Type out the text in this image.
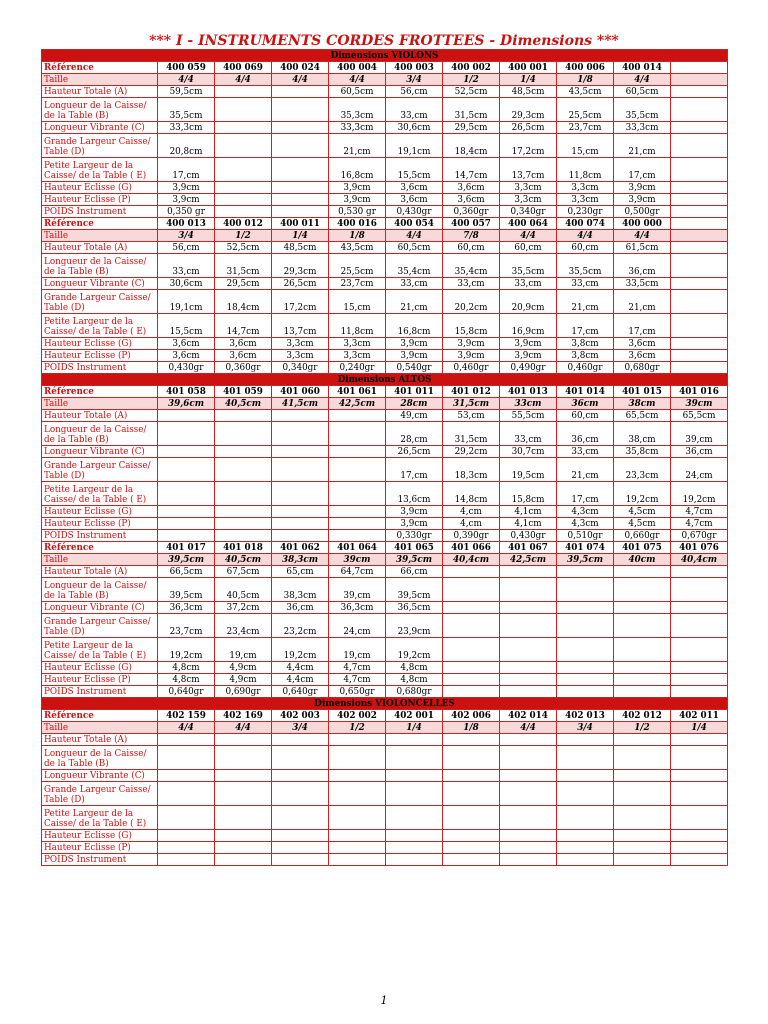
*** I - INSTRUMENTS CORDES FROTTEES - Dimensions ***
Dimensions VIOLONS										
Référence	400 059	400 069	400 024	400 004	400 003	400 002	400 001	400 006	400 014	
Taille	4/4	4/4	4/4	4/4	3/4	1/2	1/4	1/8	4/4	
Hauteur Totale (A)	59,5cm			60,5cm	56,cm	52,5cm	48,5cm	43,5cm	60,5cm	
Longueur de la Caisse/ de la Table (B)	35,5cm			35,3cm	33,cm	31,5cm	29,3cm	25,5cm	35,5cm	
Longueur Vibrante (C)	33,3cm			33,3cm	30,6cm	29,5cm	26,5cm	23,7cm	33,3cm	
Grande Largeur Caisse/ Table (D)	20,8cm			21,cm	19,1cm	18,4cm	17,2cm	15,cm	21,cm	
Petite Largeur de la Caisse/ de la Table ( E)	17,cm			16,8cm	15,5cm	14,7cm	13,7cm	11,8cm	17,cm	
Hauteur Eclisse (G)	3,9cm			3,9cm	3,6cm	3,6cm	3,3cm	3,3cm	3,9cm	
Hauteur Eclisse (P)	3,9cm			3,9cm	3,6cm	3,6cm	3,3cm	3,3cm	3,9cm	
POIDS Instrument	0,350 gr			0,530 gr	0,430gr	0,360gr	0,340gr	0,230gr	0,500gr	
Référence	400 013	400 012	400 011	400 016	400 054	400 057	400 064	400 074	400 000	
Taille	3/4	1/2	1/4	1/8	4/4	7/8	4/4	4/4	4/4	
Hauteur Totale (A)	56,cm	52,5cm	48,5cm	43,5cm	60,5cm	60,cm	60,cm	60,cm	61,5cm	
Longueur de la Caisse/ de la Table (B)	33,cm	31,5cm	29,3cm	25,5cm	35,4cm	35,4cm	35,5cm	35,5cm	36,cm	
Longueur Vibrante (C)	30,6cm	29,5cm	26,5cm	23,7cm	33,cm	33,cm	33,cm	33,cm	33,5cm	
Grande Largeur Caisse/ Table (D)	19,1cm	18,4cm	17,2cm	15,cm	21,cm	20,2cm	20,9cm	21,cm	21,cm	
Petite Largeur de la Caisse/ de la Table ( E)	15,5cm	14,7cm	13,7cm	11,8cm	16,8cm	15,8cm	16,9cm	17,cm	17,cm	
Hauteur Eclisse (G)	3,6cm	3,6cm	3,3cm	3,3cm	3,9cm	3,9cm	3,9cm	3,8cm	3,6cm	
Hauteur Eclisse (P)	3,6cm	3,6cm	3,3cm	3,3cm	3,9cm	3,9cm	3,9cm	3,8cm	3,6cm	
POIDS Instrument	0,430gr	0,360gr	0,340gr	0,240gr	0,540gr	0,460gr	0,490gr	0,460gr	0,680gr	
Dimensions ALTOS										
Référence	401 058	401 059	401 060	401 061	401 011	401 012	401 013	401 014	401 015	401 016
Taille	39,6cm	40,5cm	41,5cm	42,5cm	28cm	31,5cm	33cm	36cm	38cm	39cm
Hauteur Totale (A)					49,cm	53,cm	55,5cm	60,cm	65,5cm	65,5cm
Longueur de la Caisse/ de la Table (B)					28,cm	31,5cm	33,cm	36,cm	38,cm	39,cm
Longueur Vibrante (C)					26,5cm	29,2cm	30,7cm	33,cm	35,8cm	36,cm
Grande Largeur Caisse/ Table (D)					17,cm	18,3cm	19,5cm	21,cm	23,3cm	24,cm
Petite Largeur de la Caisse/ de la Table ( E)					13,6cm	14,8cm	15,8cm	17,cm	19,2cm	19,2cm
Hauteur Eclisse (G)					3,9cm	4,cm	4,1cm	4,3cm	4,5cm	4,7cm
Hauteur Eclisse (P)					3,9cm	4,cm	4,1cm	4,3cm	4,5cm	4,7cm
POIDS Instrument					0,330gr	0,390gr	0,430gr	0,510gr	0,660gr	0,670gr
Référence	401 017	401 018	401 062	401 064	401 065	401 066	401 067	401 074	401 075	401 076
Taille	39,5cm	40,5cm	38,3cm	39cm	39,5cm	40,4cm	42,5cm	39,5cm	40cm	40,4cm
Hauteur Totale (A)	66,5cm	67,5cm	65,cm	64,7cm	66,cm					
Longueur de la Caisse/ de la Table (B)	39,5cm	40,5cm	38,3cm	39,cm	39,5cm					
Longueur Vibrante (C)	36,3cm	37,2cm	36,cm	36,3cm	36,5cm					
Grande Largeur Caisse/ Table (D)	23,7cm	23,4cm	23,2cm	24,cm	23,9cm					
Petite Largeur de la Caisse/ de la Table ( E)	19,2cm	19,cm	19,2cm	19,cm	19,2cm					
Hauteur Eclisse (G)	4,8cm	4,9cm	4,4cm	4,7cm	4,8cm					
Hauteur Eclisse (P)	4,8cm	4,9cm	4,4cm	4,7cm	4,8cm					
POIDS Instrument	0,640gr	0,690gr	0,640gr	0,650gr	0,680gr					
Dimensions VIOLONCELLES										
Référence	402 159	402 169	402 003	402 002	402 001	402 006	402 014	402 013	402 012	402 011
Taille	4/4	4/4	3/4	1/2	1/4	1/8	4/4	3/4	1/2	1/4
Hauteur Totale (A)										
Longueur de la Caisse/ de la Table (B)										
Longueur Vibrante (C)										
Grande Largeur Caisse/ Table (D)										
Petite Largeur de la Caisse/ de la Table ( E)										
Hauteur Eclisse (G)										
Hauteur Eclisse (P)										
POIDS Instrument										
1
